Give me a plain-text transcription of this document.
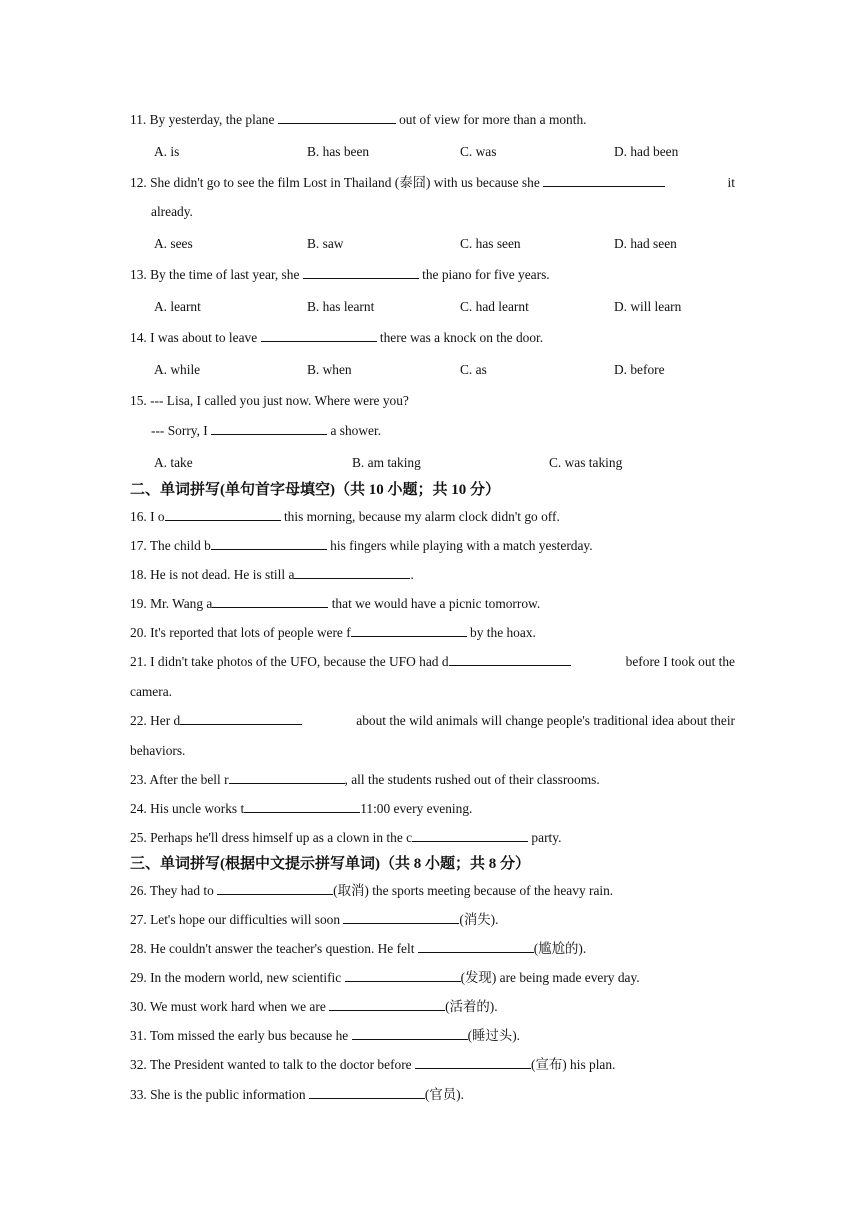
11. By yesterday, the plane	out of view for more than a month.
A. is	B. has been	C. was	D. had been
12. She didn't go to see the film Lost in Thailand (泰囧) with us because she	it
already.
A. sees	B. saw	C. has seen	D. had seen
13. By the time of last year, she	the piano for five years.
A. learnt	B. has learnt	C. had learnt	D. will learn
14. I was about to leave	there was a knock on the door.
A. while	B. when	C. as	D. before
15. --- Lisa, I called you just now. Where were you?
--- Sorry, I	a shower.
A. take	B. am taking	C. was taking
二、单词拼写(单句首字母填空)（共 10 小题；共 10 分）
16. I o	this morning, because my alarm clock didn't go off.
17. The child b	his fingers while playing with a match yesterday.
18. He is not dead. He is still a	.
19. Mr. Wang a	that we would have a picnic tomorrow.
20. It's reported that lots of people were f	by the hoax.
21. I didn't take photos of the UFO, because the UFO had d	before I took out the
camera.
22. Her d	about the wild animals will change people's traditional idea about their
behaviors.
23. After the bell r	, all the students rushed out of their classrooms.
24. His uncle works t	11:00 every evening.
25. Perhaps he'll dress himself up as a clown in the c	party.
三、单词拼写(根据中文提示拼写单词)（共 8 小题；共 8 分）
26. They had to	(取消) the sports meeting because of the heavy rain.
27. Let's hope our difficulties will soon	(消失).
28. He couldn't answer the teacher's question. He felt	(尴尬的).
29. In the modern world, new scientific	(发现) are being made every day.
30. We must work hard when we are	(活着的).
31. Tom missed the early bus because he	(睡过头).
32. The President wanted to talk to the doctor before	(宣布) his plan.
33. She is the public information	(官员).
